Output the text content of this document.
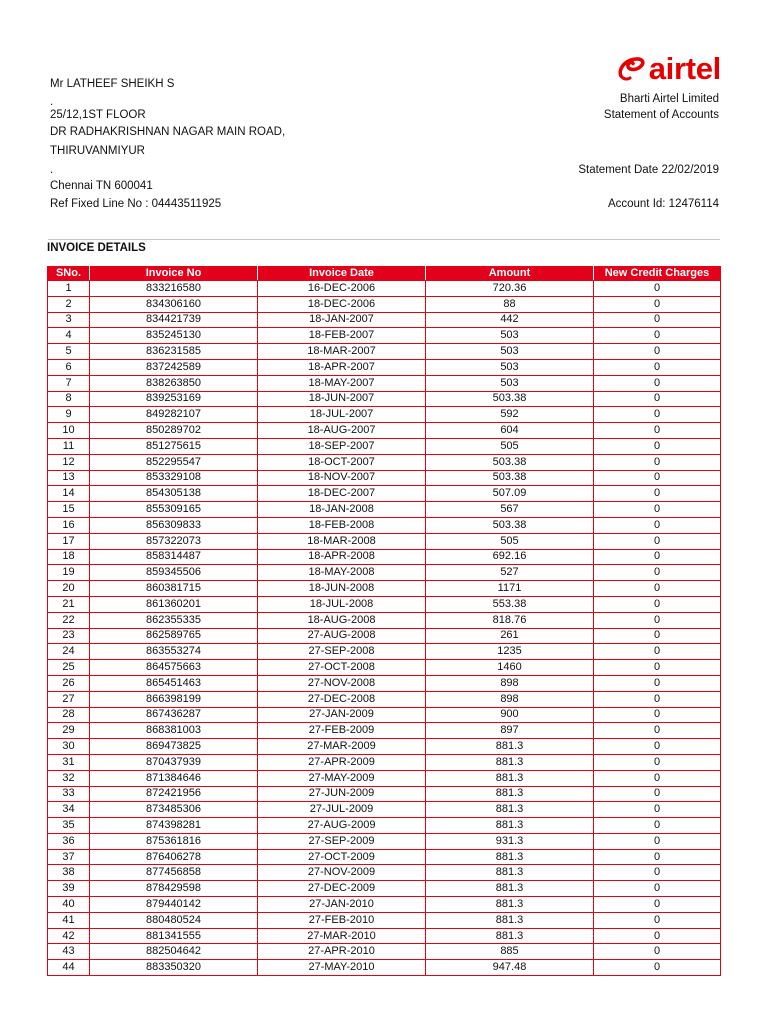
Mr LATHEEF SHEIKH S
.
25/12,1ST FLOOR
DR RADHAKRISHNAN NAGAR MAIN ROAD,
THIRUVANMIYUR
.
Chennai TN 600041
Ref Fixed Line No : 04443511925
airtel
Bharti Airtel Limited
Statement of Accounts
Statement Date 22/02/2019
Account Id: 12476114
INVOICE DETAILS
SNo.	Invoice No	Invoice Date	Amount	New Credit Charges
1	833216580	16-DEC-2006	720.36	0
2	834306160	18-DEC-2006	88	0
3	834421739	18-JAN-2007	442	0
4	835245130	18-FEB-2007	503	0
5	836231585	18-MAR-2007	503	0
6	837242589	18-APR-2007	503	0
7	838263850	18-MAY-2007	503	0
8	839253169	18-JUN-2007	503.38	0
9	849282107	18-JUL-2007	592	0
10	850289702	18-AUG-2007	604	0
11	851275615	18-SEP-2007	505	0
12	852295547	18-OCT-2007	503.38	0
13	853329108	18-NOV-2007	503.38	0
14	854305138	18-DEC-2007	507.09	0
15	855309165	18-JAN-2008	567	0
16	856309833	18-FEB-2008	503.38	0
17	857322073	18-MAR-2008	505	0
18	858314487	18-APR-2008	692.16	0
19	859345506	18-MAY-2008	527	0
20	860381715	18-JUN-2008	1171	0
21	861360201	18-JUL-2008	553.38	0
22	862355335	18-AUG-2008	818.76	0
23	862589765	27-AUG-2008	261	0
24	863553274	27-SEP-2008	1235	0
25	864575663	27-OCT-2008	1460	0
26	865451463	27-NOV-2008	898	0
27	866398199	27-DEC-2008	898	0
28	867436287	27-JAN-2009	900	0
29	868381003	27-FEB-2009	897	0
30	869473825	27-MAR-2009	881.3	0
31	870437939	27-APR-2009	881.3	0
32	871384646	27-MAY-2009	881.3	0
33	872421956	27-JUN-2009	881.3	0
34	873485306	27-JUL-2009	881.3	0
35	874398281	27-AUG-2009	881.3	0
36	875361816	27-SEP-2009	931.3	0
37	876406278	27-OCT-2009	881.3	0
38	877456858	27-NOV-2009	881.3	0
39	878429598	27-DEC-2009	881.3	0
40	879440142	27-JAN-2010	881.3	0
41	880480524	27-FEB-2010	881.3	0
42	881341555	27-MAR-2010	881.3	0
43	882504642	27-APR-2010	885	0
44	883350320	27-MAY-2010	947.48	0
